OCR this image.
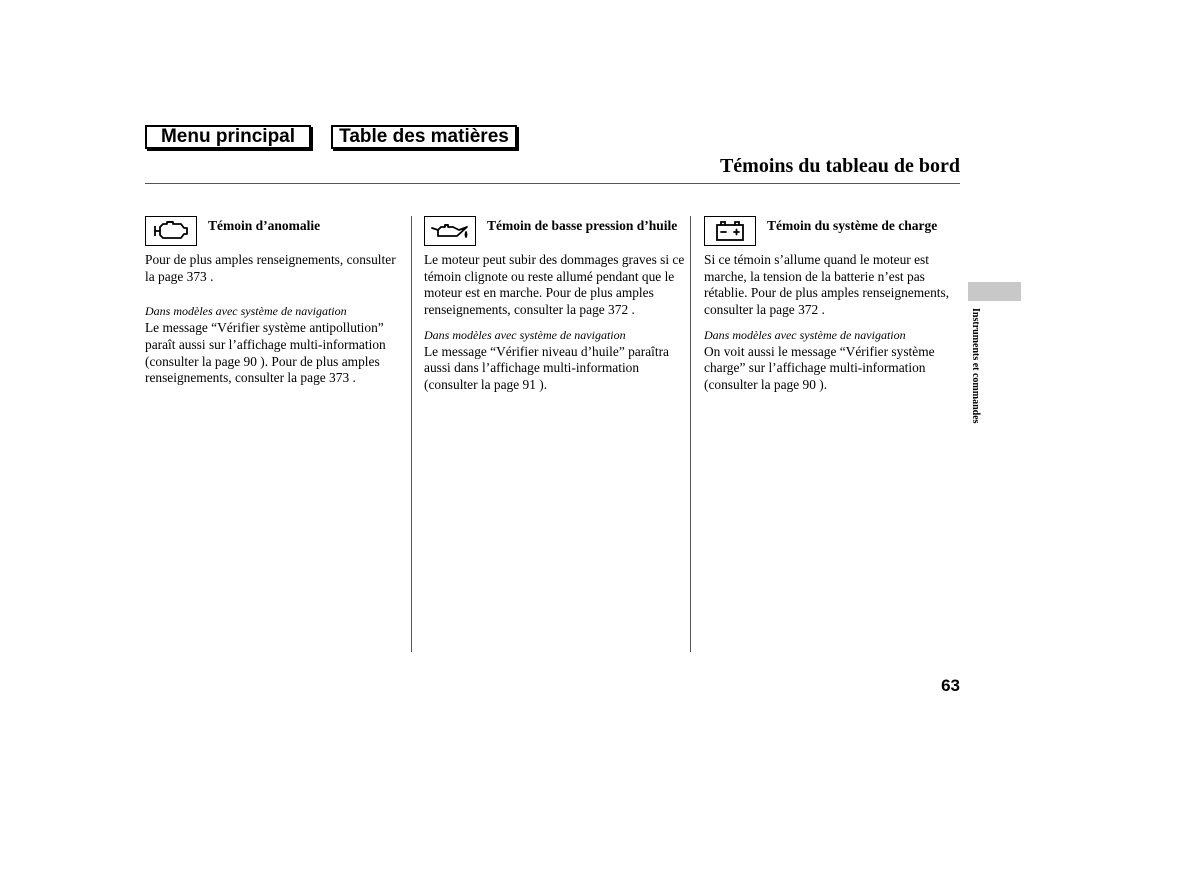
Menu principal	Table des matières
Témoins du tableau de bord
Témoin d’anomalie

Pour de plus amples renseignements, consulter la page 373 .

Dans modèles avec système de navigation

Le message “Vérifier système antipollution” paraît aussi sur l’affichage multi-information (consulter la page 90 ). Pour de plus amples renseignements, consulter la page 373 .

Témoin de basse pression d’huile

Le moteur peut subir des dommages graves si ce témoin clignote ou reste allumé pendant que le moteur est en marche. Pour de plus amples renseignements, consulter la page 372 .

Dans modèles avec système de navigation

Le message “Vérifier niveau d’huile” paraîtra aussi dans l’affichage multi-information (consulter la page 91 ).

Témoin du système de charge

Si ce témoin s’allume quand le moteur est marche, la tension de la batterie n’est pas rétablie. Pour de plus amples renseignements, consulter la page 372 .

Dans modèles avec système de navigation

On voit aussi le message “Vérifier système charge” sur l’affichage multi-information (consulter la page 90 ).	Instruments et commandes
63
